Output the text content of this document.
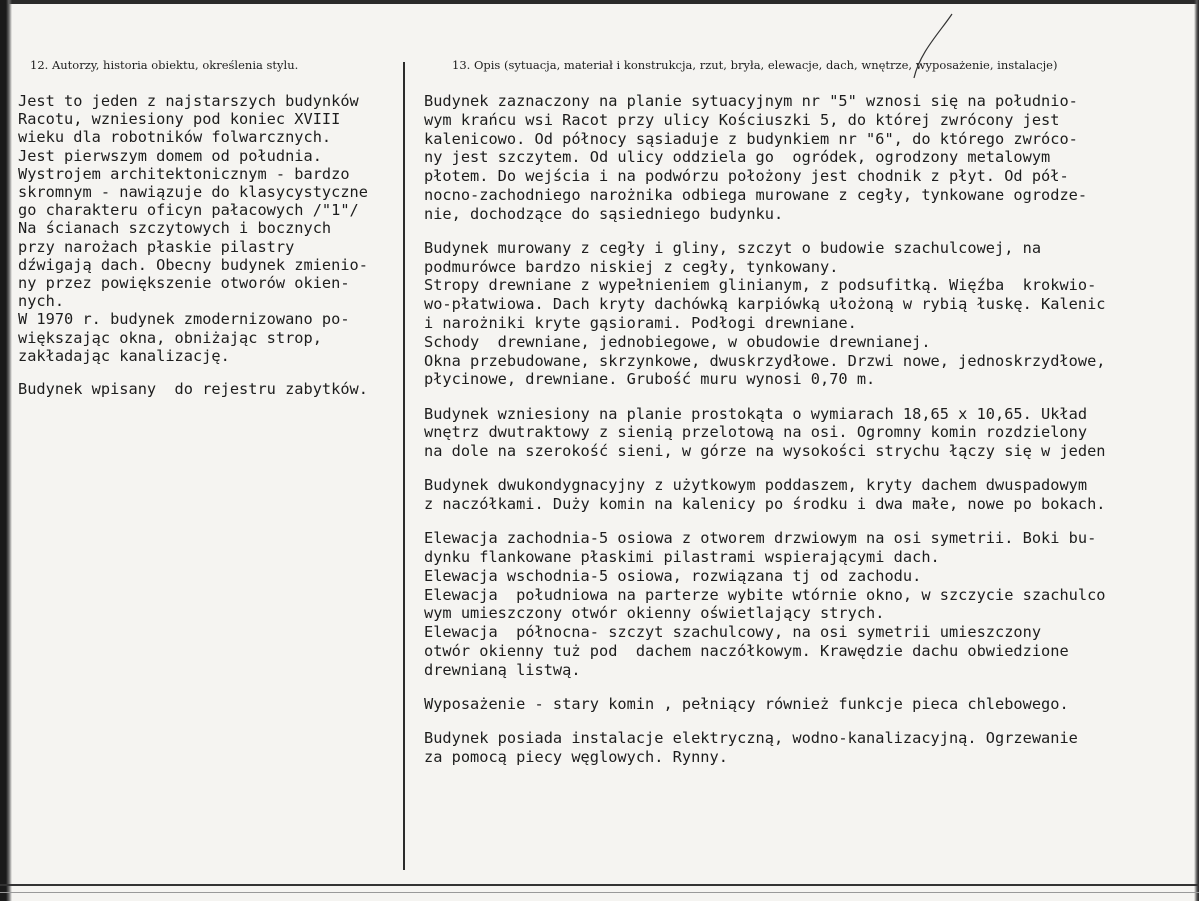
12. Autorzy, historia obiektu, określenia stylu.	13. Opis (sytuacja, materiał i konstrukcja, rzut, bryła, elewacje, dach, wnętrze, wyposażenie, instalacje)
Jest to jeden z najstarszych budynków
Racotu, wzniesiony pod koniec XVIII
wieku dla robotników folwarcznych.
Jest pierwszym domem od południa.
Wystrojem architektonicznym - bardzo
skromnym - nawiązuje do klasycystyczne
go charakteru oficyn pałacowych /"1"/
Na ścianach szczytowych i bocznych
przy narożach płaskie pilastry
dźwigają dach. Obecny budynek zmienio-
ny przez powiększenie otworów okien-
nych.
W 1970 r. budynek zmodernizowano po-
większając okna, obniżając strop,
zakładając kanalizację.
Budynek wpisany  do rejestru zabytków.
Budynek zaznaczony na planie sytuacyjnym nr "5" wznosi się na południo-
wym krańcu wsi Racot przy ulicy Kościuszki 5, do której zwrócony jest
kalenicowo. Od północy sąsiaduje z budynkiem nr "6", do którego zwróco-
ny jest szczytem. Od ulicy oddziela go  ogródek, ogrodzony metalowym
płotem. Do wejścia i na podwórzu położony jest chodnik z płyt. Od pół-
nocno-zachodniego narożnika odbiega murowane z cegły, tynkowane ogrodze-
nie, dochodzące do sąsiedniego budynku.
Budynek murowany z cegły i gliny, szczyt o budowie szachulcowej, na
podmurówce bardzo niskiej z cegły, tynkowany.
Stropy drewniane z wypełnieniem glinianym, z podsufitką. Więźba  krokwio-
wo-płatwiowa. Dach kryty dachówką karpiówką ułożoną w rybią łuskę. Kalenic
i narożniki kryte gąsiorami. Podłogi drewniane.
Schody  drewniane, jednobiegowe, w obudowie drewnianej.
Okna przebudowane, skrzynkowe, dwuskrzydłowe. Drzwi nowe, jednoskrzydłowe,
płycinowe, drewniane. Grubość muru wynosi 0,70 m.
Budynek wzniesiony na planie prostokąta o wymiarach 18,65 x 10,65. Układ
wnętrz dwutraktowy z sienią przelotową na osi. Ogromny komin rozdzielony
na dole na szerokość sieni, w górze na wysokości strychu łączy się w jeden
Budynek dwukondygnacyjny z użytkowym poddaszem, kryty dachem dwuspadowym
z naczółkami. Duży komin na kalenicy po środku i dwa małe, nowe po bokach.
Elewacja zachodnia-5 osiowa z otworem drzwiowym na osi symetrii. Boki bu-
dynku flankowane płaskimi pilastrami wspierającymi dach.
Elewacja wschodnia-5 osiowa, rozwiązana tj od zachodu.
Elewacja  południowa na parterze wybite wtórnie okno, w szczycie szachulco
wym umieszczony otwór okienny oświetlający strych.
Elewacja  północna- szczyt szachulcowy, na osi symetrii umieszczony
otwór okienny tuż pod  dachem naczółkowym. Krawędzie dachu obwiedzione
drewnianą listwą.
Wyposażenie - stary komin , pełniący również funkcje pieca chlebowego.
Budynek posiada instalacje elektryczną, wodno-kanalizacyjną. Ogrzewanie
za pomocą piecy węglowych. Rynny.
